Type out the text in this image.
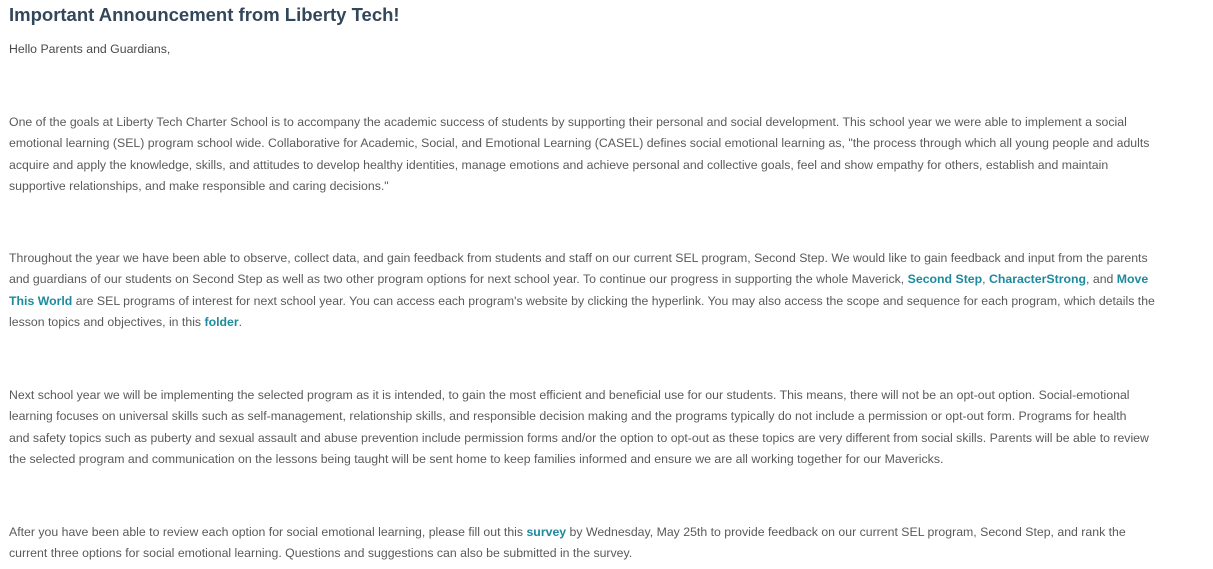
Important Announcement from Liberty Tech!

Hello Parents and Guardians,

One of the goals at Liberty Tech Charter School is to accompany the academic success of students by supporting their personal and social development. This school year we were able to implement a social
emotional learning (SEL) program school wide. Collaborative for Academic, Social, and Emotional Learning (CASEL) defines social emotional learning as, "the process through which all young people and adults
acquire and apply the knowledge, skills, and attitudes to develop healthy identities, manage emotions and achieve personal and collective goals, feel and show empathy for others, establish and maintain
supportive relationships, and make responsible and caring decisions."

Throughout the year we have been able to observe, collect data, and gain feedback from students and staff on our current SEL program, Second Step. We would like to gain feedback and input from the parents
and guardians of our students on Second Step as well as two other program options for next school year. To continue our progress in supporting the whole Maverick, Second Step, CharacterStrong, and Move
This World are SEL programs of interest for next school year. You can access each program's website by clicking the hyperlink. You may also access the scope and sequence for each program, which details the
lesson topics and objectives, in this folder.

Next school year we will be implementing the selected program as it is intended, to gain the most efficient and beneficial use for our students. This means, there will not be an opt-out option. Social-emotional
learning focuses on universal skills such as self-management, relationship skills, and responsible decision making and the programs typically do not include a permission or opt-out form. Programs for health
and safety topics such as puberty and sexual assault and abuse prevention include permission forms and/or the option to opt-out as these topics are very different from social skills. Parents will be able to review
the selected program and communication on the lessons being taught will be sent home to keep families informed and ensure we are all working together for our Mavericks.

After you have been able to review each option for social emotional learning, please fill out this survey by Wednesday, May 25th to provide feedback on our current SEL program, Second Step, and rank the
current three options for social emotional learning. Questions and suggestions can also be submitted in the survey.
